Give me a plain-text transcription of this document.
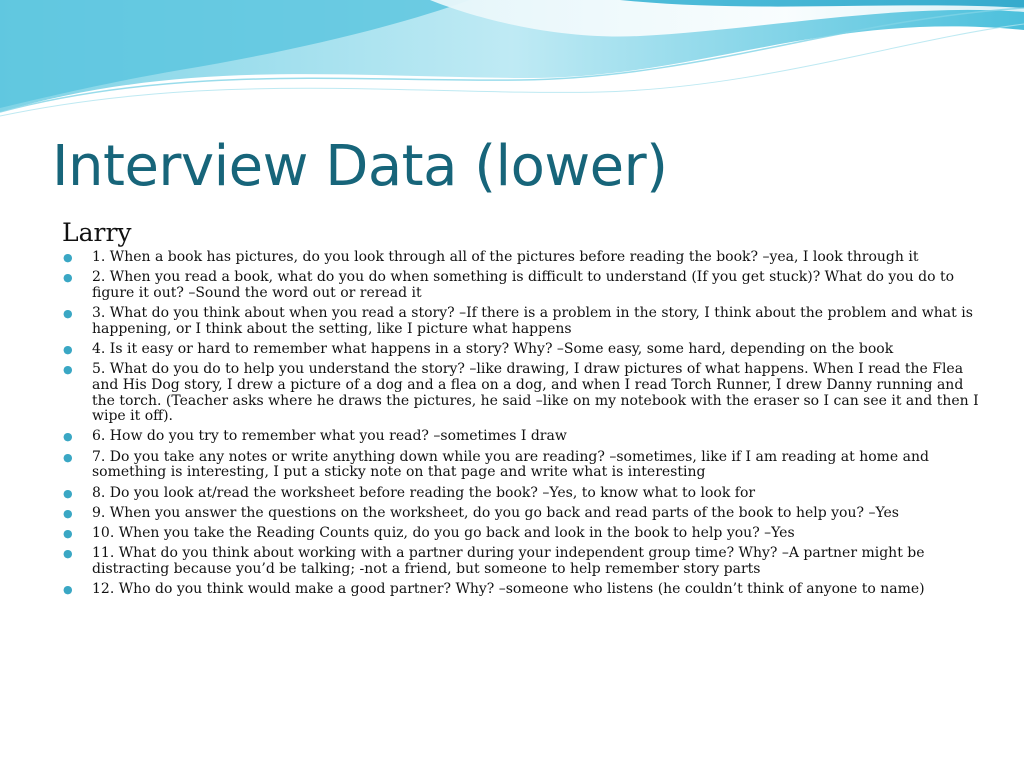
Interview Data (lower)
Larry
● 1. When a book has pictures, do you look through all of the pictures before reading the book? –yea, I look through it
● 2. When you read a book, what do you do when something is difficult to understand (If you get stuck)? What do you do to figure it out? –Sound the word out or reread it
● 3. What do you think about when you read a story? –If there is a problem in the story, I think about the problem and what is happening, or I think about the setting, like I picture what happens
● 4. Is it easy or hard to remember what happens in a story? Why? –Some easy, some hard, depending on the book
● 5. What do you do to help you understand the story? –like drawing, I draw pictures of what happens. When I read the Flea and His Dog story, I drew a picture of a dog and a flea on a dog, and when I read Torch Runner, I drew Danny running and the torch. (Teacher asks where he draws the pictures, he said –like on my notebook with the eraser so I can see it and then I wipe it off).
● 6. How do you try to remember what you read? –sometimes I draw
● 7. Do you take any notes or write anything down while you are reading? –sometimes, like if I am reading at home and something is interesting, I put a sticky note on that page and write what is interesting
● 8. Do you look at/read the worksheet before reading the book? –Yes, to know what to look for
● 9. When you answer the questions on the worksheet, do you go back and read parts of the book to help you? –Yes
● 10. When you take the Reading Counts quiz, do you go back and look in the book to help you? –Yes
● 11. What do you think about working with a partner during your independent group time? Why? –A partner might be distracting because you’d be talking; -not a friend, but someone to help remember story parts
● 12. Who do you think would make a good partner? Why? –someone who listens (he couldn’t think of anyone to name)
